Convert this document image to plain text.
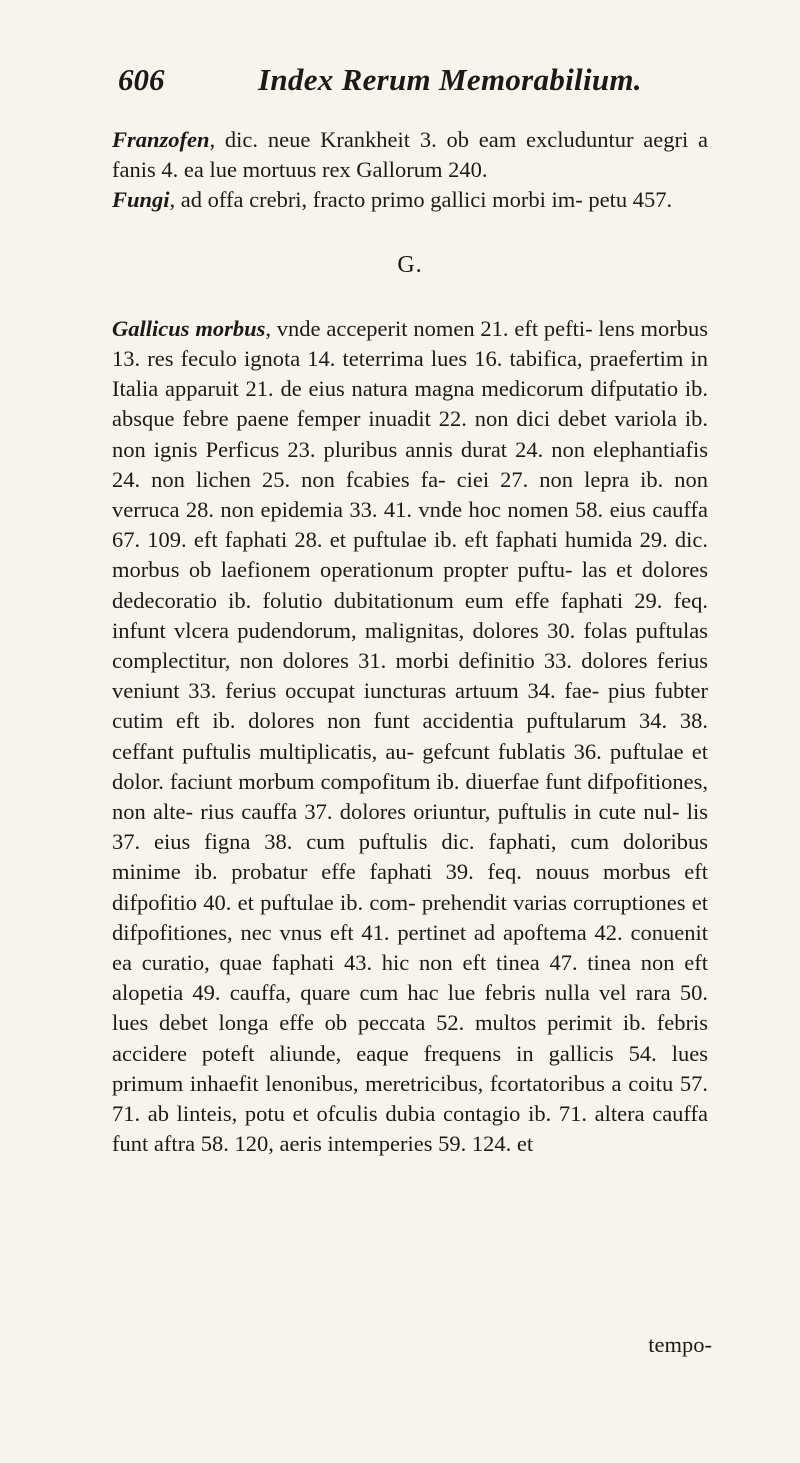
606	Index Rerum Memorabilium.

Franzofen, dic. neue Krankheit 3. ob eam excluduntur aegri a fanis 4. ea lue mortuus rex Gallorum 240.

Fungi, ad offa crebri, fracto primo gallici morbi im- petu 457.

G.

Gallicus morbus, vnde acceperit nomen 21. eft pefti- lens morbus 13. res feculo ignota 14. teterrima lues 16. tabifica, praefertim in Italia apparuit 21. de eius natura magna medicorum difputatio ib. absque febre paene femper inuadit 22. non dici debet variola ib. non ignis Perficus 23. pluribus annis durat 24. non elephantiafis 24. non lichen 25. non fcabies fa- ciei 27. non lepra ib. non verruca 28. non epidemia 33. 41. vnde hoc nomen 58. eius cauffa 67. 109. eft faphati 28. et puftulae ib. eft faphati humida 29. dic. morbus ob laefionem operationum propter puftu- las et dolores dedecoratio ib. folutio dubitationum eum effe faphati 29. feq. infunt vlcera pudendorum, malignitas, dolores 30. folas puftulas complectitur, non dolores 31. morbi definitio 33. dolores ferius veniunt 33. ferius occupat iuncturas artuum 34. fae- pius fubter cutim eft ib. dolores non funt accidentia puftularum 34. 38. ceffant puftulis multiplicatis, au- gefcunt fublatis 36. puftulae et dolor. faciunt morbum compofitum ib. diuerfae funt difpofitiones, non alte- rius cauffa 37. dolores oriuntur, puftulis in cute nul- lis 37. eius figna 38. cum puftulis dic. faphati, cum doloribus minime ib. probatur effe faphati 39. feq. nouus morbus eft difpofitio 40. et puftulae ib. com- prehendit varias corruptiones et difpofitiones, nec vnus eft 41. pertinet ad apoftema 42. conuenit ea curatio, quae faphati 43. hic non eft tinea 47. tinea non eft alopetia 49. cauffa, quare cum hac lue febris nulla vel rara 50. lues debet longa effe ob peccata 52. multos perimit ib. febris accidere poteft aliunde, eaque frequens in gallicis 54. lues primum inhaefit lenonibus, meretricibus, fcortatoribus a coitu 57. 71. ab linteis, potu et ofculis dubia contagio ib. 71. altera cauffa funt aftra 58. 120, aeris intemperies 59. 124. et

tempo-
